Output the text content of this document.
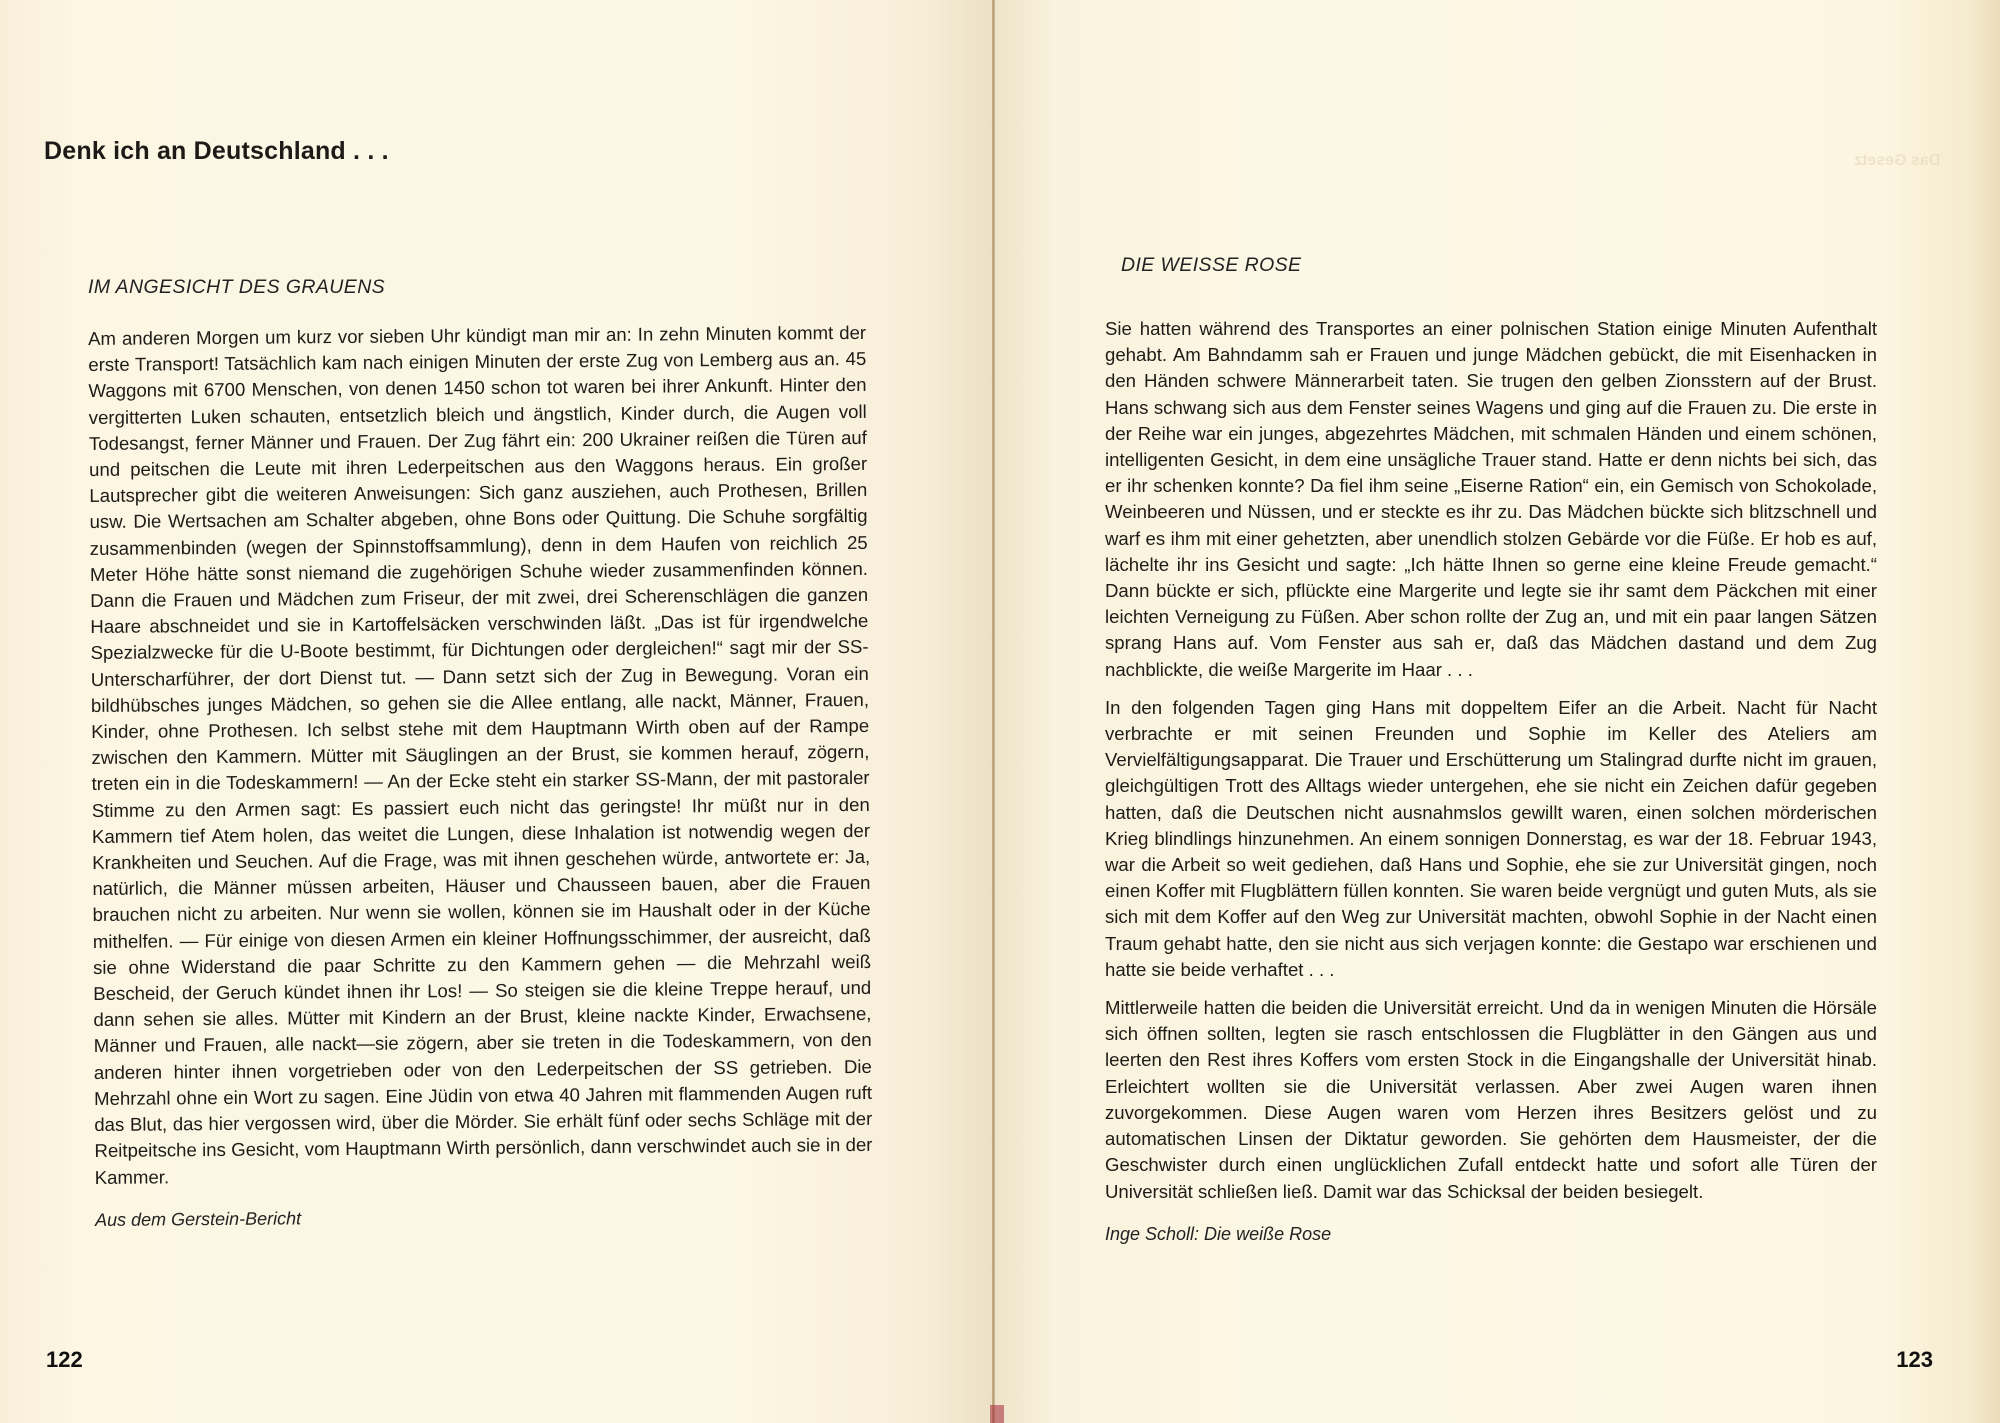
Denk ich an Deutschland . . .
IM ANGESICHT DES GRAUENS

Am anderen Morgen um kurz vor sieben Uhr kündigt man mir an: In zehn Minuten kommt der erste Transport! Tatsächlich kam nach einigen Minuten der erste Zug von Lemberg aus an. 45 Waggons mit 6700 Menschen, von denen 1450 schon tot waren bei ihrer Ankunft. Hinter den vergitterten Luken schauten, entsetzlich bleich und ängstlich, Kinder durch, die Augen voll Todesangst, ferner Männer und Frauen. Der Zug fährt ein: 200 Ukrainer reißen die Türen auf und peitschen die Leute mit ihren Lederpeitschen aus den Waggons heraus. Ein großer Lautsprecher gibt die weiteren Anweisungen: Sich ganz ausziehen, auch Prothesen, Brillen usw. Die Wertsachen am Schalter abgeben, ohne Bons oder Quittung. Die Schuhe sorgfältig zusammenbinden (wegen der Spinnstoffsammlung), denn in dem Haufen von reichlich 25 Meter Höhe hätte sonst niemand die zugehörigen Schuhe wieder zusammenfinden können. Dann die Frauen und Mädchen zum Friseur, der mit zwei, drei Scherenschlägen die ganzen Haare abschneidet und sie in Kartoffelsäcken verschwinden läßt. „Das ist für irgendwelche Spezialzwecke für die U-Boote bestimmt, für Dichtungen oder dergleichen!“ sagt mir der SS-Unterscharführer, der dort Dienst tut. — Dann setzt sich der Zug in Bewegung. Voran ein bildhübsches junges Mädchen, so gehen sie die Allee entlang, alle nackt, Männer, Frauen, Kinder, ohne Prothesen. Ich selbst stehe mit dem Hauptmann Wirth oben auf der Rampe zwischen den Kammern. Mütter mit Säuglingen an der Brust, sie kommen herauf, zögern, treten ein in die Todeskammern! — An der Ecke steht ein starker SS-Mann, der mit pastoraler Stimme zu den Armen sagt: Es passiert euch nicht das geringste! Ihr müßt nur in den Kammern tief Atem holen, das weitet die Lungen, diese Inhalation ist notwendig wegen der Krankheiten und Seuchen. Auf die Frage, was mit ihnen geschehen würde, antwortete er: Ja, natürlich, die Männer müssen arbeiten, Häuser und Chausseen bauen, aber die Frauen brauchen nicht zu arbeiten. Nur wenn sie wollen, können sie im Haushalt oder in der Küche mithelfen. — Für einige von diesen Armen ein kleiner Hoffnungsschimmer, der ausreicht, daß sie ohne Widerstand die paar Schritte zu den Kammern gehen — die Mehrzahl weiß Bescheid, der Geruch kündet ihnen ihr Los! — So steigen sie die kleine Treppe herauf, und dann sehen sie alles. Mütter mit Kindern an der Brust, kleine nackte Kinder, Erwachsene, Männer und Frauen, alle nackt—sie zögern, aber sie treten in die Todeskammern, von den anderen hinter ihnen vorgetrieben oder von den Lederpeitschen der SS getrieben. Die Mehrzahl ohne ein Wort zu sagen. Eine Jüdin von etwa 40 Jahren mit flammenden Augen ruft das Blut, das hier vergossen wird, über die Mörder. Sie erhält fünf oder sechs Schläge mit der Reitpeitsche ins Gesicht, vom Hauptmann Wirth persönlich, dann verschwindet auch sie in der Kammer.

Aus dem Gerstein-Bericht
122
Das Gesetz
DIE WEISSE ROSE

Sie hatten während des Transportes an einer polnischen Station einige Minuten Aufenthalt gehabt. Am Bahndamm sah er Frauen und junge Mädchen gebückt, die mit Eisenhacken in den Händen schwere Männerarbeit taten. Sie trugen den gelben Zionsstern auf der Brust. Hans schwang sich aus dem Fenster seines Wagens und ging auf die Frauen zu. Die erste in der Reihe war ein junges, abgezehrtes Mädchen, mit schmalen Händen und einem schönen, intelligenten Gesicht, in dem eine unsägliche Trauer stand. Hatte er denn nichts bei sich, das er ihr schenken konnte? Da fiel ihm seine „Eiserne Ration“ ein, ein Gemisch von Schokolade, Weinbeeren und Nüssen, und er steckte es ihr zu. Das Mädchen bückte sich blitzschnell und warf es ihm mit einer gehetzten, aber unendlich stolzen Gebärde vor die Füße. Er hob es auf, lächelte ihr ins Gesicht und sagte: „Ich hätte Ihnen so gerne eine kleine Freude gemacht.“ Dann bückte er sich, pflückte eine Margerite und legte sie ihr samt dem Päckchen mit einer leichten Verneigung zu Füßen. Aber schon rollte der Zug an, und mit ein paar langen Sätzen sprang Hans auf. Vom Fenster aus sah er, daß das Mädchen dastand und dem Zug nachblickte, die weiße Margerite im Haar . . .

In den folgenden Tagen ging Hans mit doppeltem Eifer an die Arbeit. Nacht für Nacht verbrachte er mit seinen Freunden und Sophie im Keller des Ateliers am Vervielfältigungsapparat. Die Trauer und Erschütterung um Stalingrad durfte nicht im grauen, gleichgültigen Trott des Alltags wieder untergehen, ehe sie nicht ein Zeichen dafür gegeben hatten, daß die Deutschen nicht ausnahmslos gewillt waren, einen solchen mörderischen Krieg blindlings hinzunehmen. An einem sonnigen Donnerstag, es war der 18. Februar 1943, war die Arbeit so weit gediehen, daß Hans und Sophie, ehe sie zur Universität gingen, noch einen Koffer mit Flugblättern füllen konnten. Sie waren beide vergnügt und guten Muts, als sie sich mit dem Koffer auf den Weg zur Universität machten, obwohl Sophie in der Nacht einen Traum gehabt hatte, den sie nicht aus sich verjagen konnte: die Gestapo war erschienen und hatte sie beide verhaftet . . .

Mittlerweile hatten die beiden die Universität erreicht. Und da in wenigen Minuten die Hörsäle sich öffnen sollten, legten sie rasch entschlossen die Flugblätter in den Gängen aus und leerten den Rest ihres Koffers vom ersten Stock in die Eingangshalle der Universität hinab. Erleichtert wollten sie die Universität verlassen. Aber zwei Augen waren ihnen zuvorgekommen. Diese Augen waren vom Herzen ihres Besitzers gelöst und zu automatischen Linsen der Diktatur geworden. Sie gehörten dem Hausmeister, der die Geschwister durch einen unglücklichen Zufall entdeckt hatte und sofort alle Türen der Universität schließen ließ. Damit war das Schicksal der beiden besiegelt.

Inge Scholl: Die weiße Rose
123
